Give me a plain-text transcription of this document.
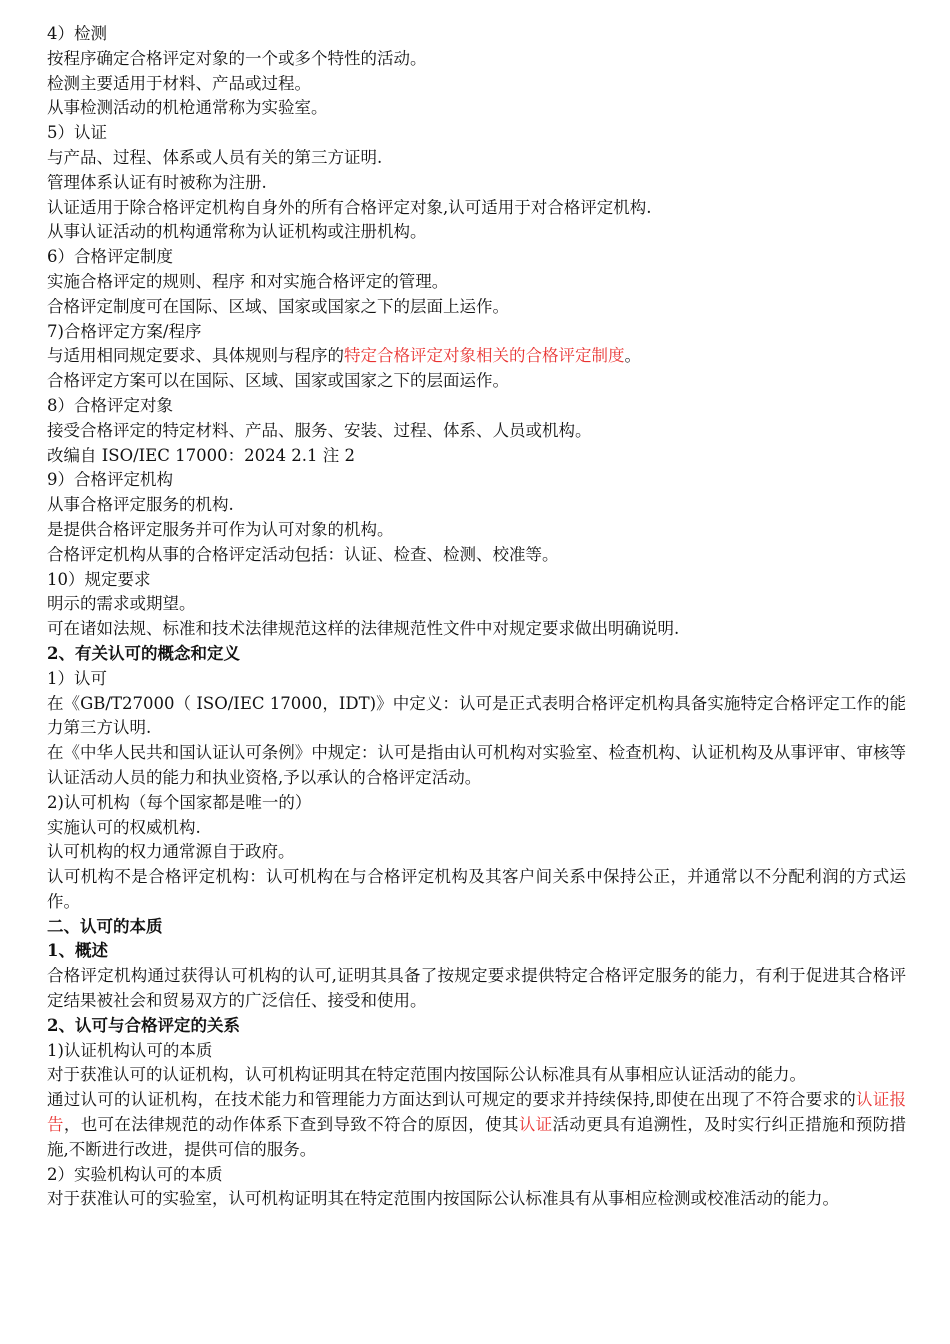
4）检测
按程序确定合格评定对象的一个或多个特性的活动。
检测主要适用于材料、产品或过程。
从事检测活动的机枪通常称为实验室。
5）认证
与产品、过程、体系或人员有关的第三方证明.
管理体系认证有时被称为注册.
认证适用于除合格评定机构自身外的所有合格评定对象,认可适用于对合格评定机构.
从事认证活动的机构通常称为认证机构或注册机构。
6）合格评定制度
实施合格评定的规则、程序 和对实施合格评定的管理。
合格评定制度可在国际、区域、国家或国家之下的层面上运作。
7)合格评定方案/程序
与适用相同规定要求、具体规则与程序的特定合格评定对象相关的合格评定制度。
合格评定方案可以在国际、区域、国家或国家之下的层面运作。
8）合格评定对象
接受合格评定的特定材料、产品、服务、安装、过程、体系、人员或机构。
改编自 ISO/IEC 17000：2024 2.1 注 2
9）合格评定机构
从事合格评定服务的机构.
是提供合格评定服务并可作为认可对象的机构。
合格评定机构从事的合格评定活动包括：认证、检查、检测、校准等。
10）规定要求
明示的需求或期望。
可在诸如法规、标准和技术法律规范这样的法律规范性文件中对规定要求做出明确说明.
2、有关认可的概念和定义
1）认可
在《GB/T27000（ ISO/IEC 17000，IDT)》中定义：认可是正式表明合格评定机构具备实施特定合格评定工作的能力第三方认明.
在《中华人民共和国认证认可条例》中规定：认可是指由认可机构对实验室、检查机构、认证机构及从事评审、审核等认证活动人员的能力和执业资格,予以承认的合格评定活动。
2)认可机构（每个国家都是唯一的）
实施认可的权威机构.
认可机构的权力通常源自于政府。
认可机构不是合格评定机构：认可机构在与合格评定机构及其客户间关系中保持公正，并通常以不分配利润的方式运作。
二、认可的本质
1、概述
合格评定机构通过获得认可机构的认可,证明其具备了按规定要求提供特定合格评定服务的能力，有利于促进其合格评定结果被社会和贸易双方的广泛信任、接受和使用。
2、认可与合格评定的关系
1)认证机构认可的本质
对于获准认可的认证机构，认可机构证明其在特定范围内按国际公认标准具有从事相应认证活动的能力。
通过认可的认证机构，在技术能力和管理能力方面达到认可规定的要求并持续保持,即使在出现了不符合要求的认证报告，也可在法律规范的动作体系下查到导致不符合的原因，使其认证活动更具有追溯性，及时实行纠正措施和预防措施,不断进行改进，提供可信的服务。
2）实验机构认可的本质
对于获准认可的实验室，认可机构证明其在特定范围内按国际公认标准具有从事相应检测或校准活动的能力。
